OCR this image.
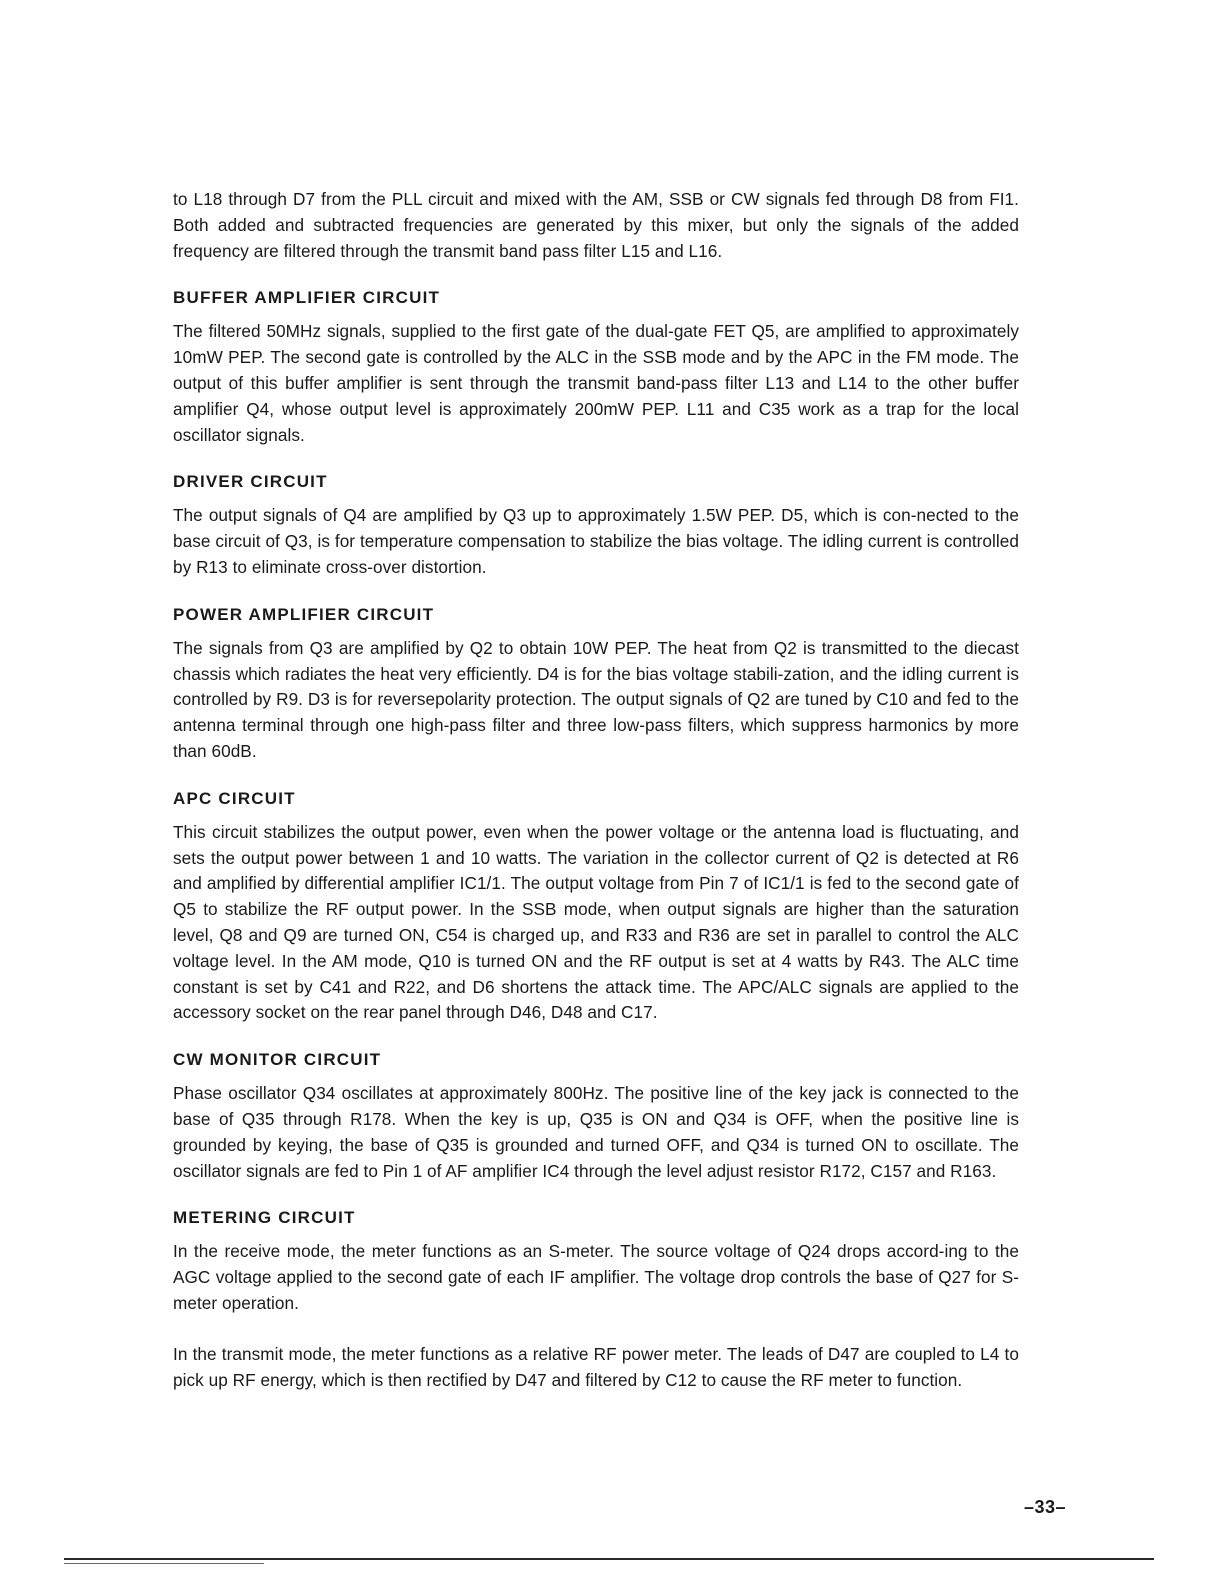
to L18 through D7 from the PLL circuit and mixed with the AM, SSB or CW signals fed through D8 from FI1. Both added and subtracted frequencies are generated by this mixer, but only the signals of the added frequency are filtered through the transmit band pass filter L15 and L16.

BUFFER AMPLIFIER CIRCUIT

The filtered 50MHz signals, supplied to the first gate of the dual-gate FET Q5, are amplified to approximately 10mW PEP. The second gate is controlled by the ALC in the SSB mode and by the APC in the FM mode. The output of this buffer amplifier is sent through the transmit band-pass filter L13 and L14 to the other buffer amplifier Q4, whose output level is approximately 200mW PEP. L11 and C35 work as a trap for the local oscillator signals.

DRIVER CIRCUIT

The output signals of Q4 are amplified by Q3 up to approximately 1.5W PEP. D5, which is con-nected to the base circuit of Q3, is for temperature compensation to stabilize the bias voltage. The idling current is controlled by R13 to eliminate cross-over distortion.

POWER AMPLIFIER CIRCUIT

The signals from Q3 are amplified by Q2 to obtain 10W PEP. The heat from Q2 is transmitted to the diecast chassis which radiates the heat very efficiently. D4 is for the bias voltage stabili-zation, and the idling current is controlled by R9. D3 is for reversepolarity protection. The output signals of Q2 are tuned by C10 and fed to the antenna terminal through one high-pass filter and three low-pass filters, which suppress harmonics by more than 60dB.

APC CIRCUIT

This circuit stabilizes the output power, even when the power voltage or the antenna load is fluctuating, and sets the output power between 1 and 10 watts. The variation in the collector current of Q2 is detected at R6 and amplified by differential amplifier IC1/1. The output voltage from Pin 7 of IC1/1 is fed to the second gate of Q5 to stabilize the RF output power. In the SSB mode, when output signals are higher than the saturation level, Q8 and Q9 are turned ON, C54 is charged up, and R33 and R36 are set in parallel to control the ALC voltage level. In the AM mode, Q10 is turned ON and the RF output is set at 4 watts by R43. The ALC time constant is set by C41 and R22, and D6 shortens the attack time. The APC/ALC signals are applied to the accessory socket on the rear panel through D46, D48 and C17.

CW MONITOR CIRCUIT

Phase oscillator Q34 oscillates at approximately 800Hz. The positive line of the key jack is connected to the base of Q35 through R178. When the key is up, Q35 is ON and Q34 is OFF, when the positive line is grounded by keying, the base of Q35 is grounded and turned OFF, and Q34 is turned ON to oscillate. The oscillator signals are fed to Pin 1 of AF amplifier IC4 through the level adjust resistor R172, C157 and R163.

METERING CIRCUIT

In the receive mode, the meter functions as an S-meter. The source voltage of Q24 drops accord-ing to the AGC voltage applied to the second gate of each IF amplifier. The voltage drop controls the base of Q27 for S-meter operation.

In the transmit mode, the meter functions as a relative RF power meter. The leads of D47 are coupled to L4 to pick up RF energy, which is then rectified by D47 and filtered by C12 to cause the RF meter to function.

–33–
